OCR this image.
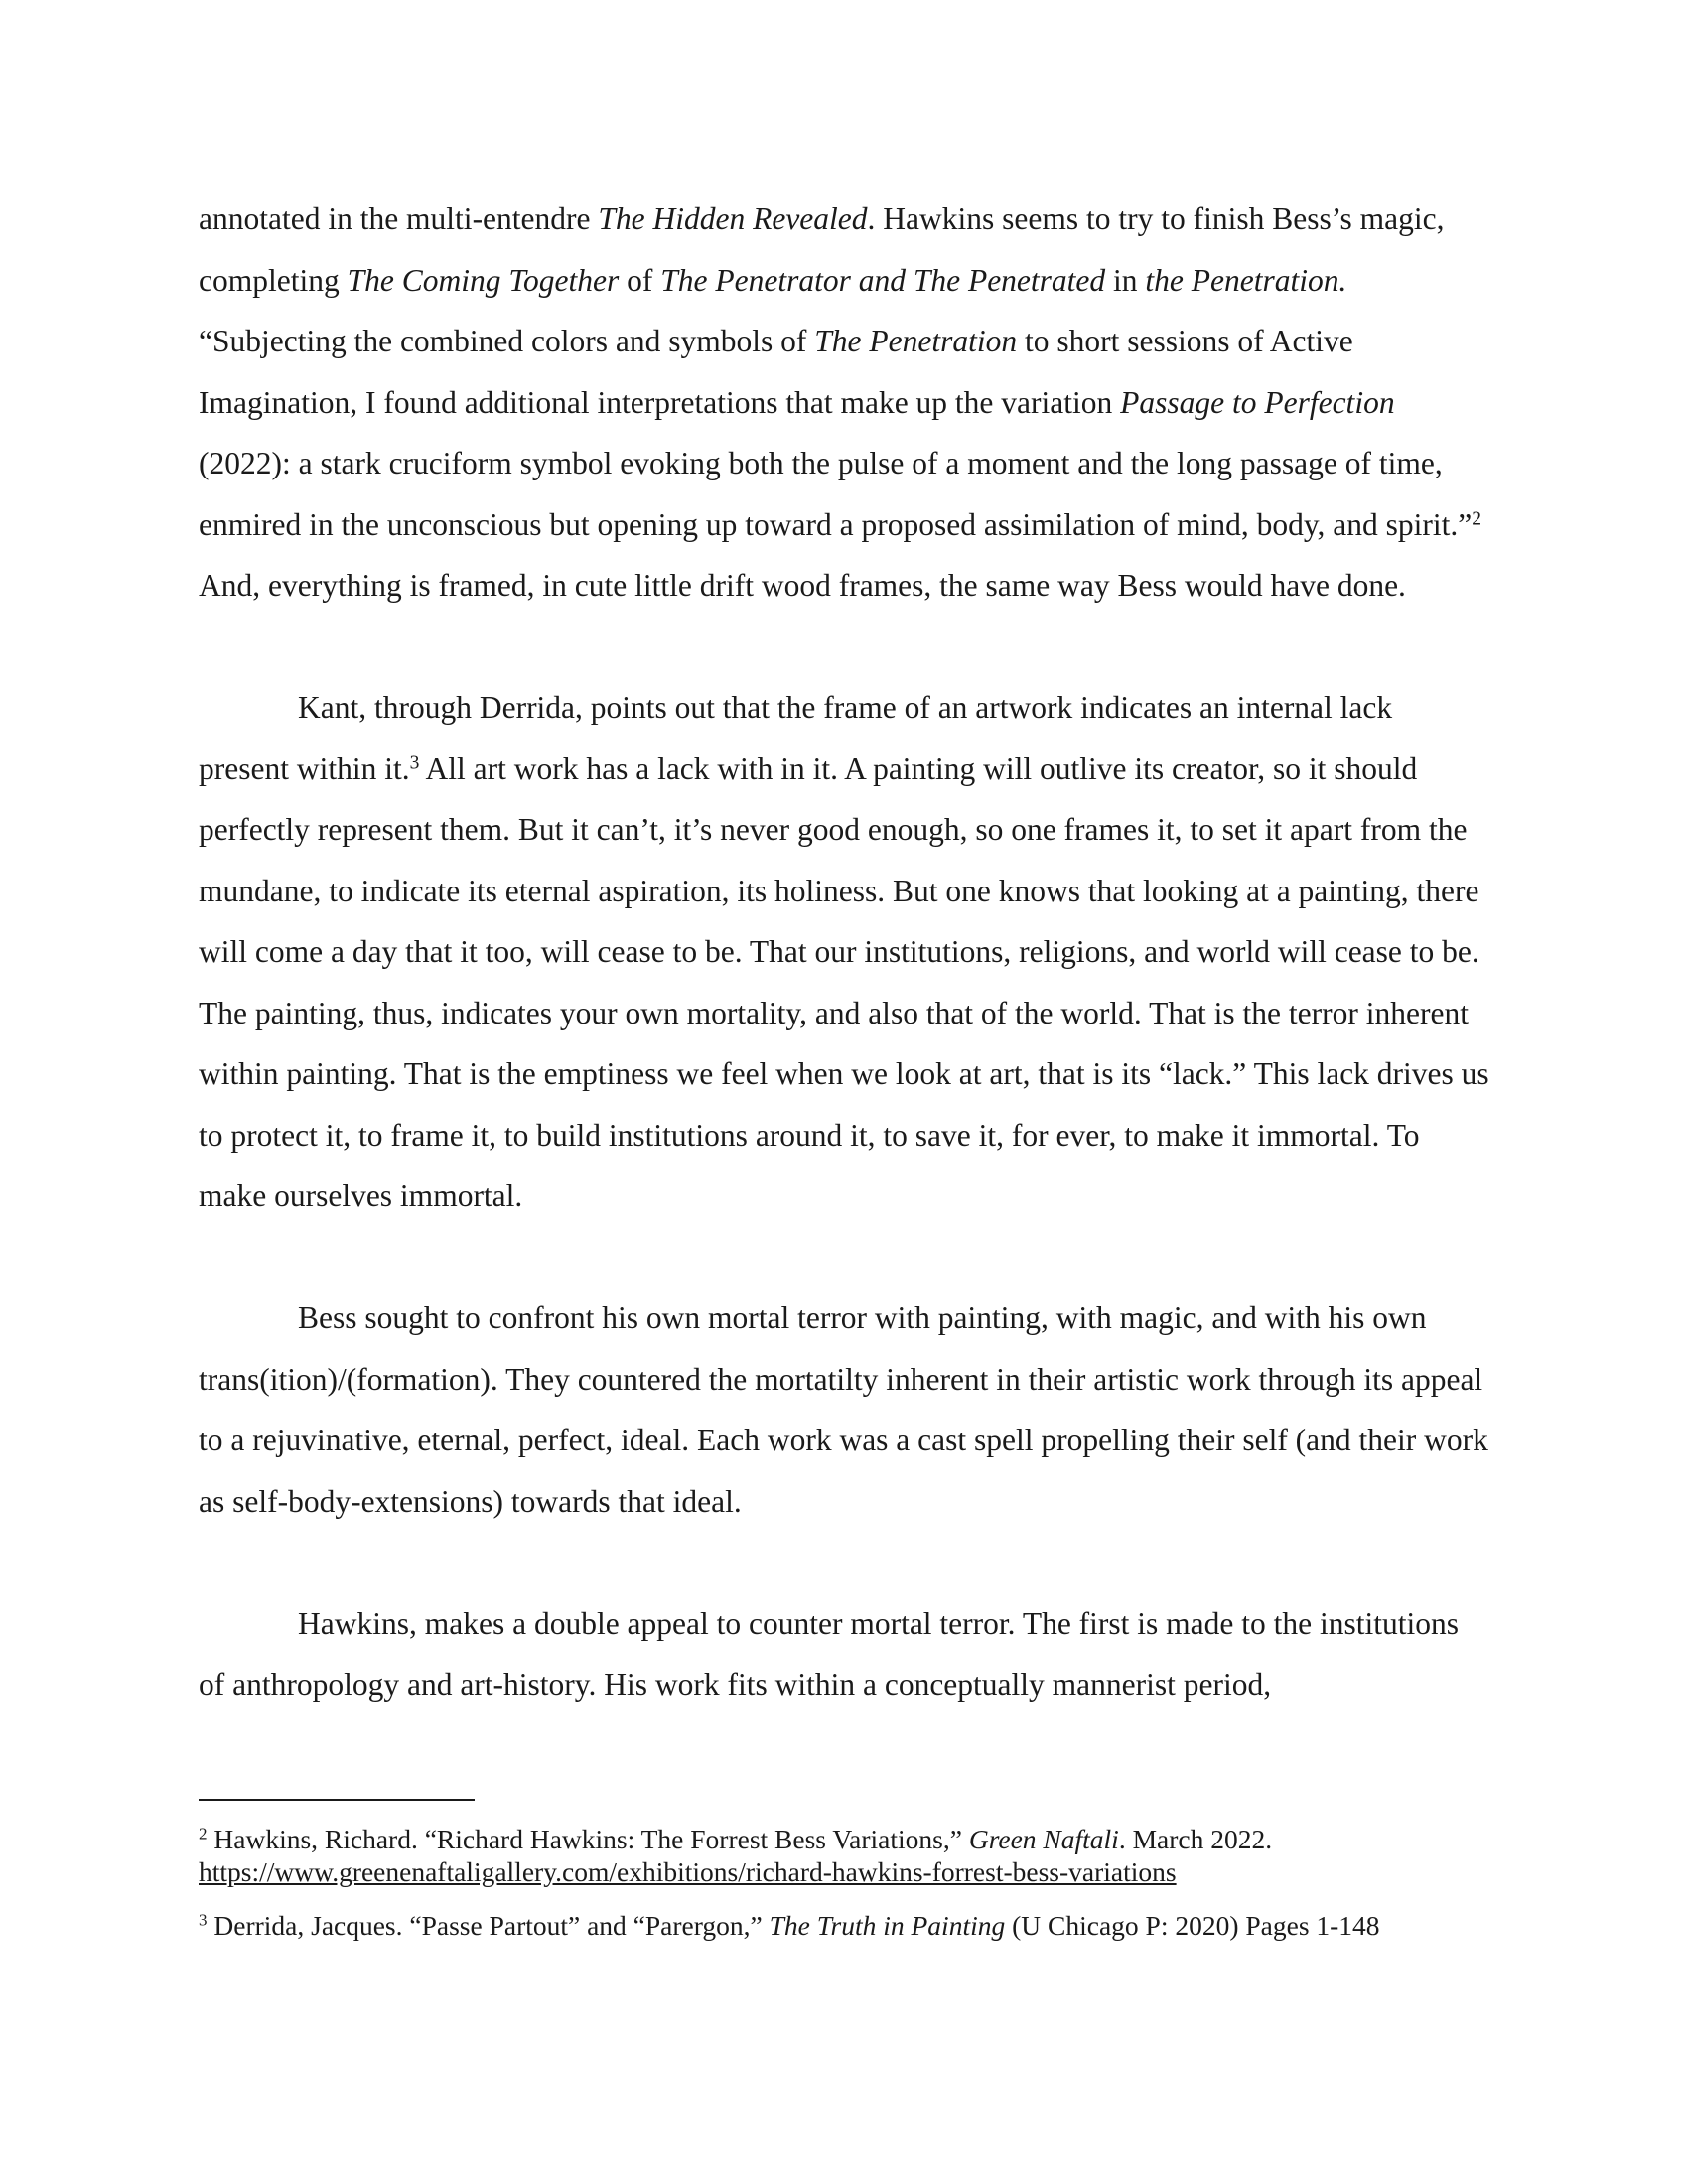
annotated in the multi-entendre The Hidden Revealed. Hawkins seems to try to finish Bess’s magic, completing The Coming Together of The Penetrator and The Penetrated in the Penetration. “Subjecting the combined colors and symbols of The Penetration to short sessions of Active Imagination, I found additional interpretations that make up the variation Passage to Perfection (2022): a stark cruciform symbol evoking both the pulse of a moment and the long passage of time, enmired in the unconscious but opening up toward a proposed assimilation of mind, body, and spirit.”$^2$ And, everything is framed, in cute little drift wood frames, the same way Bess would have done.

Kant, through Derrida, points out that the frame of an artwork indicates an internal lack present within it.$^3$ All art work has a lack with in it. A painting will outlive its creator, so it should perfectly represent them. But it can’t, it’s never good enough, so one frames it, to set it apart from the mundane, to indicate its eternal aspiration, its holiness. But one knows that looking at a painting, there will come a day that it too, will cease to be. That our institutions, religions, and world will cease to be. The painting, thus, indicates your own mortality, and also that of the world. That is the terror inherent within painting. That is the emptiness we feel when we look at art, that is its “lack.” This lack drives us to protect it, to frame it, to build institutions around it, to save it, for ever, to make it immortal. To make ourselves immortal.

Bess sought to confront his own mortal terror with painting, with magic, and with his own trans(ition)/(formation). They countered the mortatilty inherent in their artistic work through its appeal to a rejuvinative, eternal, perfect, ideal. Each work was a cast spell propelling their self (and their work as self-body-extensions) towards that ideal.

Hawkins, makes a double appeal to counter mortal terror. The first is made to the institutions of anthropology and art-history. His work fits within a conceptually mannerist period,

$^2$ Hawkins, Richard. “Richard Hawkins: The Forrest Bess Variations,” Green Naftali. March 2022. https://www.greenenaftaligallery.com/exhibitions/richard-hawkins-forrest-bess-variations

$^3$ Derrida, Jacques. “Passe Partout” and “Parergon,” The Truth in Painting (U Chicago P: 2020) Pages 1-148
